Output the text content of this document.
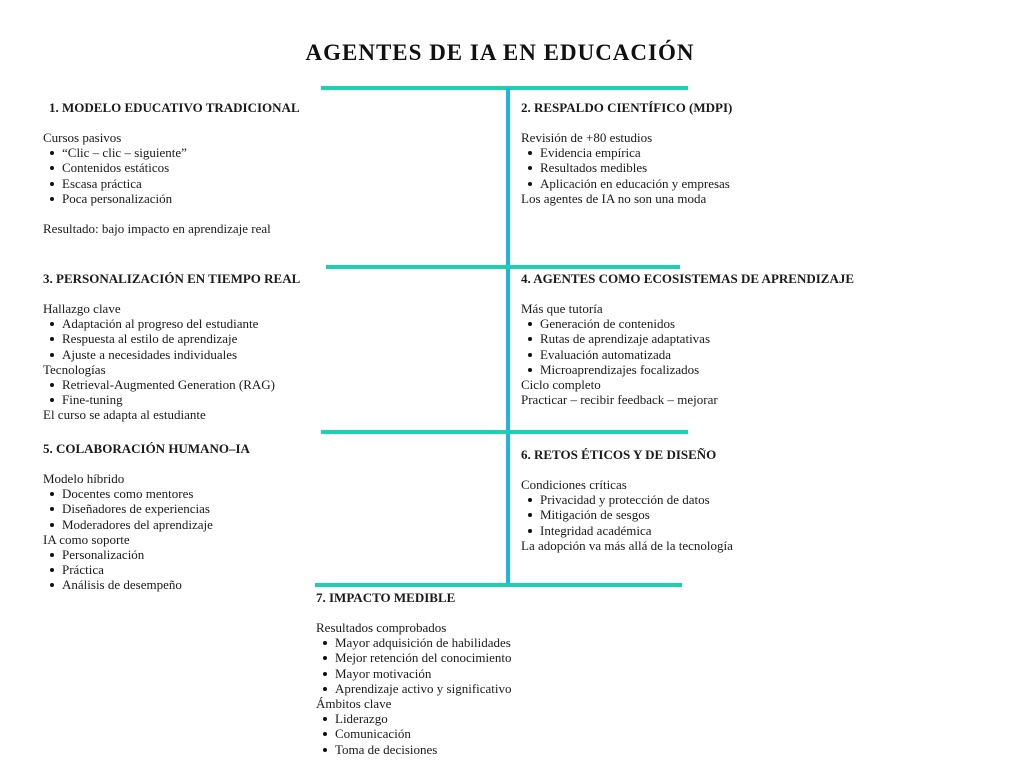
AGENTES DE IA EN EDUCACIÓN
1. MODELO EDUCATIVO TRADICIONAL

Cursos pasivos

“Clic – clic – siguiente”
Contenidos estáticos
Escasa práctica
Poca personalización

Resultado: bajo impacto en aprendizaje real

2. RESPALDO CIENTÍFICO (MDPI)

Revisión de +80 estudios

Evidencia empírica
Resultados medibles
Aplicación en educación y empresas

Los agentes de IA no son una moda

3. PERSONALIZACIÓN EN TIEMPO REAL

Hallazgo clave

Adaptación al progreso del estudiante
Respuesta al estilo de aprendizaje
Ajuste a necesidades individuales

Tecnologías

Retrieval-Augmented Generation (RAG)
Fine-tuning

El curso se adapta al estudiante

4. AGENTES COMO ECOSISTEMAS DE APRENDIZAJE

Más que tutoría

Generación de contenidos
Rutas de aprendizaje adaptativas
Evaluación automatizada
Microaprendizajes focalizados

Ciclo completo

Practicar – recibir feedback – mejorar

5. COLABORACIÓN HUMANO–IA

Modelo híbrido

Docentes como mentores
Diseñadores de experiencias
Moderadores del aprendizaje

IA como soporte

Personalización
Práctica
Análisis de desempeño
6. RETOS ÉTICOS Y DE DISEÑO

Condiciones críticas

Privacidad y protección de datos
Mitigación de sesgos
Integridad académica

La adopción va más allá de la tecnología

7. IMPACTO MEDIBLE

Resultados comprobados

Mayor adquisición de habilidades
Mejor retención del conocimiento
Mayor motivación
Aprendizaje activo y significativo

Ámbitos clave

Liderazgo
Comunicación
Toma de decisiones
